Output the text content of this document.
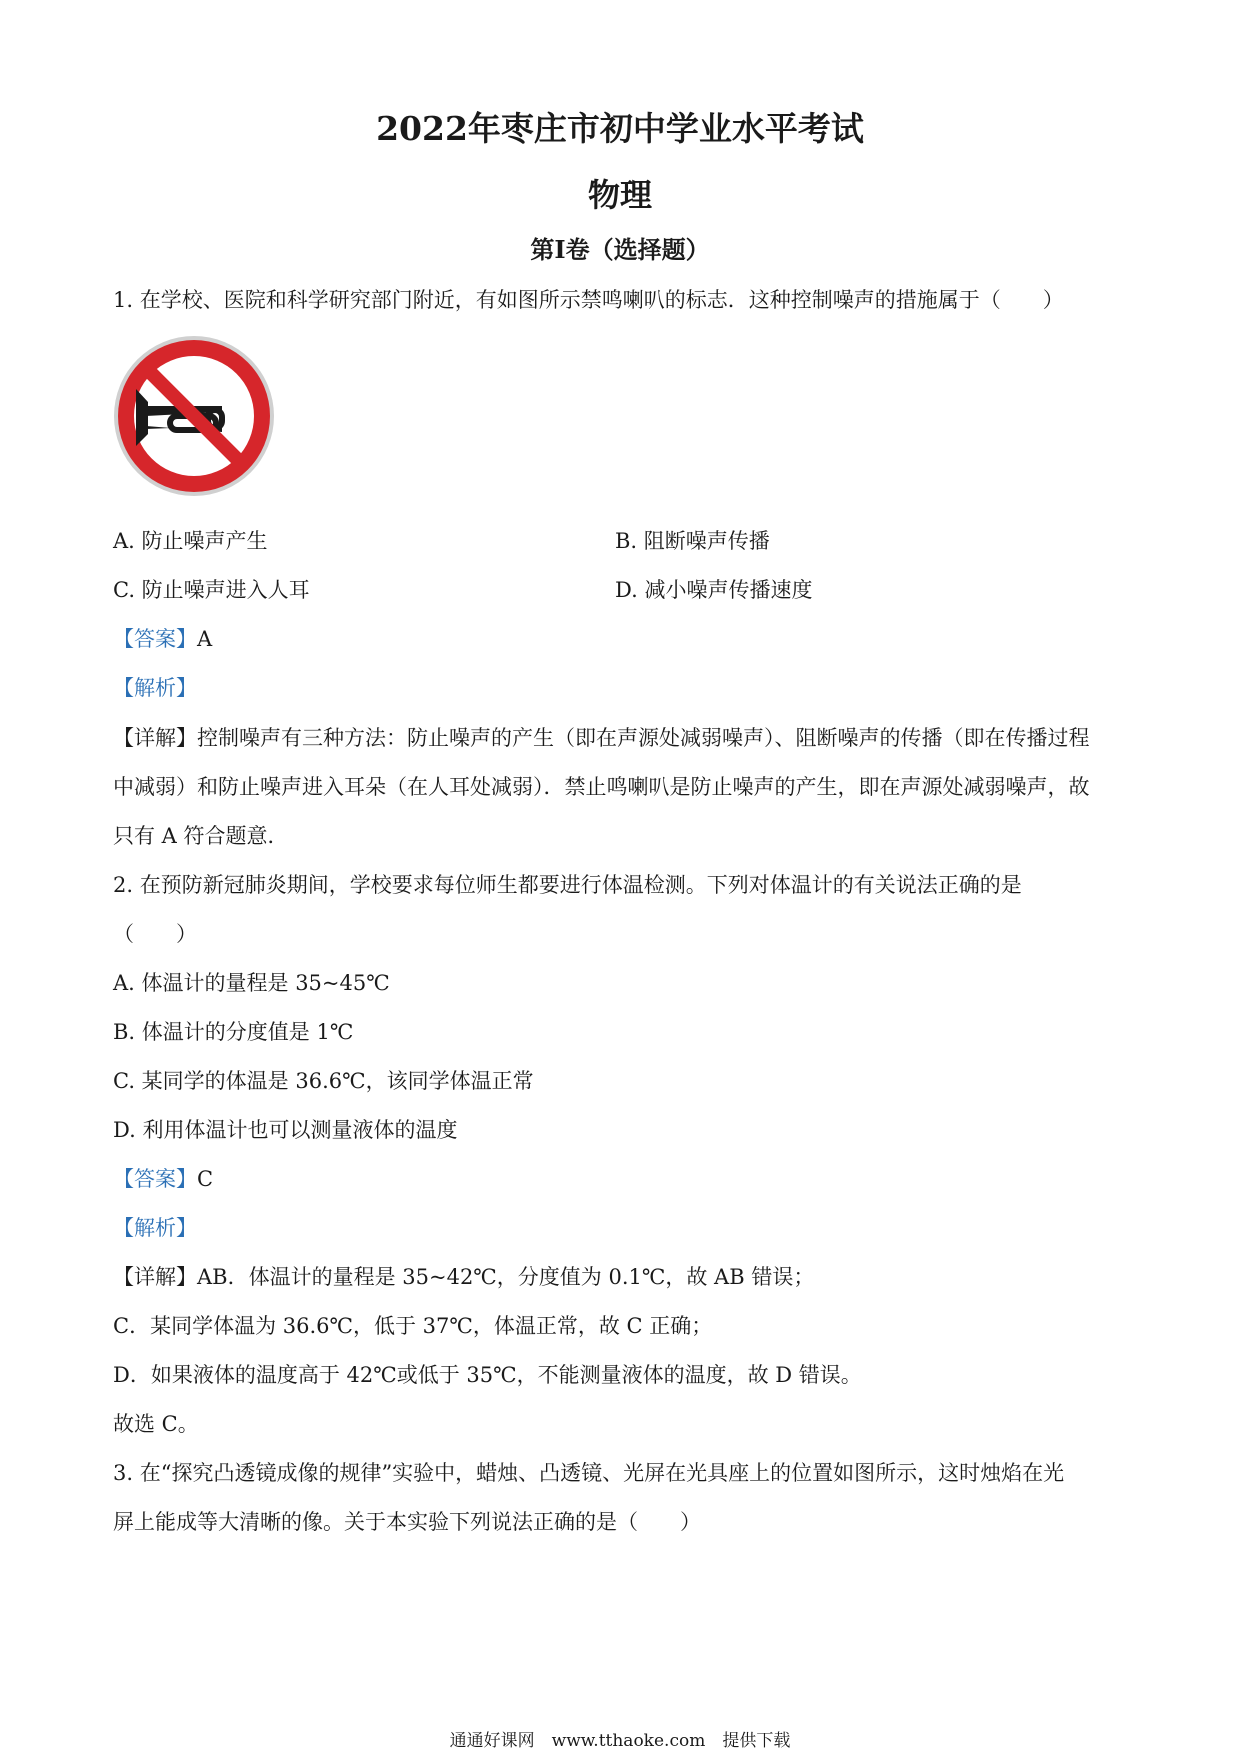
2022年枣庄市初中学业水平考试
物理
第I卷（选择题）
1. 在学校、医院和科学研究部门附近，有如图所示禁鸣喇叭的标志．这种控制噪声的措施属于（　　）
A. 防止噪声产生	B. 阻断噪声传播
C. 防止噪声进入人耳	D. 减小噪声传播速度
【答案】A
【解析】
【详解】控制噪声有三种方法：防止噪声的产生（即在声源处减弱噪声）、阻断噪声的传播（即在传播过程
中减弱）和防止噪声进入耳朵（在人耳处减弱）．禁止鸣喇叭是防止噪声的产生，即在声源处减弱噪声，故
只有 A 符合题意．
2. 在预防新冠肺炎期间，学校要求每位师生都要进行体温检测。下列对体温计的有关说法正确的是
（　　）
A. 体温计的量程是 35~45℃
B. 体温计的分度值是 1℃
C. 某同学的体温是 36.6℃，该同学体温正常
D. 利用体温计也可以测量液体的温度
【答案】C
【解析】
【详解】AB．体温计的量程是 35~42℃，分度值为 0.1℃，故 AB 错误；
C．某同学体温为 36.6℃，低于 37℃，体温正常，故 C 正确；
D．如果液体的温度高于 42℃或低于 35℃，不能测量液体的温度，故 D 错误。
故选 C。
3. 在“探究凸透镜成像的规律”实验中，蜡烛、凸透镜、光屏在光具座上的位置如图所示，这时烛焰在光
屏上能成等大清晰的像。关于本实验下列说法正确的是（　　）
通通好课网　www.tthaoke.com　提供下载
